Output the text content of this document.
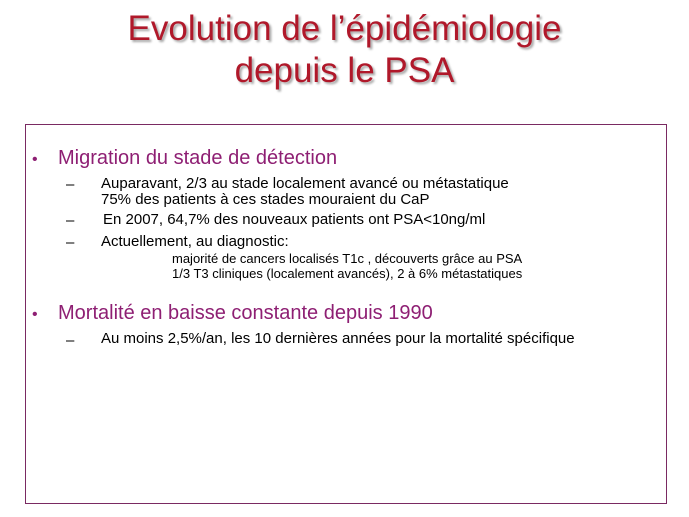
Evolution de l’épidémiologie
depuis le PSA
• Migration du stade de détection
– Auparavant, 2/3 au stade localement avancé ou métastatique
75% des patients à ces stades mouraient du CaP
– En 2007, 64,7% des nouveaux patients ont PSA<10ng/ml
– Actuellement, au diagnostic:
majorité de cancers localisés T1c , découverts grâce au PSA
1/3 T3 cliniques (localement avancés), 2 à 6% métastatiques
• Mortalité en baisse constante depuis 1990
– Au moins 2,5%/an, les 10 dernières années pour la mortalité spécifique
